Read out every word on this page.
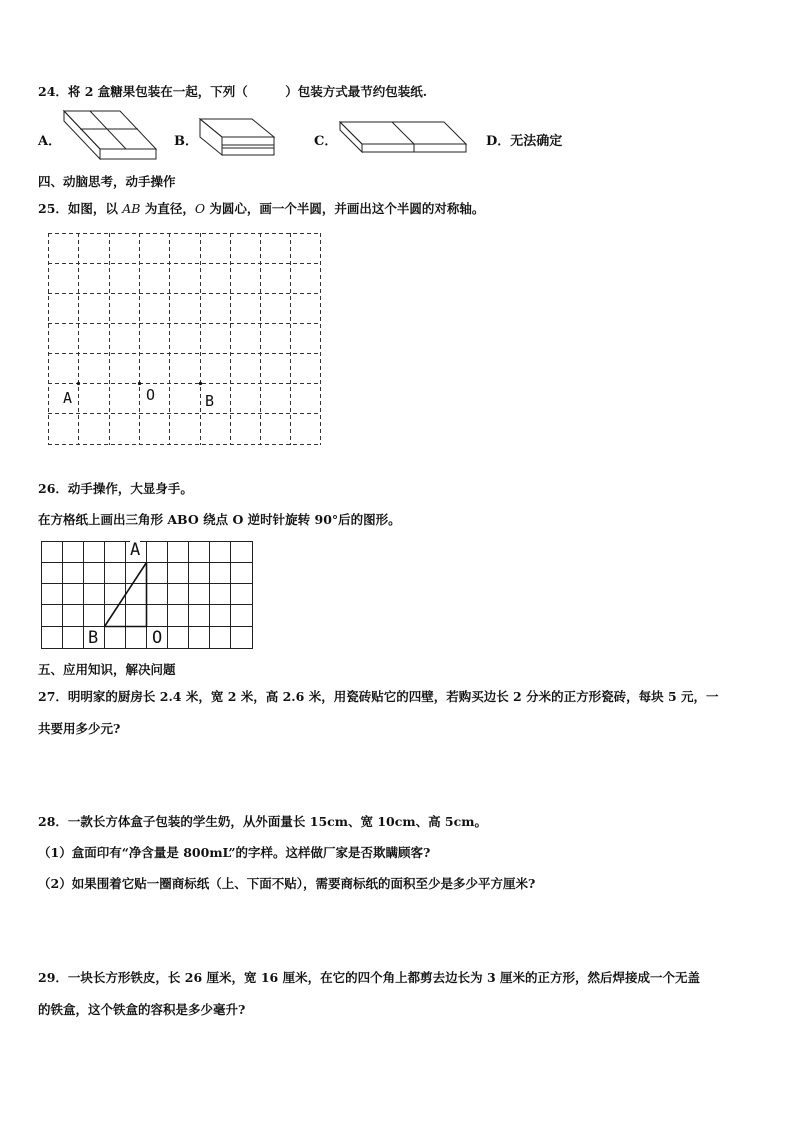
24．将 2 盒糖果包装在一起，下列（　　　）包装方式最节约包装纸.
A．	B．	C．	D．无法确定
四、动脑思考，动手操作
25．如图，以 AB 为直径，O 为圆心，画一个半圆，并画出这个半圆的对称轴。
A	O	B
26．动手操作，大显身手。
在方格纸上画出三角形 ABO 绕点 O 逆时针旋转 90°后的图形。
A
B	O
五、应用知识，解决问题
27．明明家的厨房长 2.4 米，宽 2 米，高 2.6 米，用瓷砖贴它的四壁，若购买边长 2 分米的正方形瓷砖，每块 5 元，一
共要用多少元?
28．一款长方体盒子包装的学生奶，从外面量长 15cm、宽 10cm、高 5cm。
（1）盒面印有“净含量是 800mL”的字样。这样做厂家是否欺瞒顾客?
（2）如果围着它贴一圈商标纸（上、下面不贴），需要商标纸的面积至少是多少平方厘米?
29．一块长方形铁皮，长 26 厘米，宽 16 厘米，在它的四个角上都剪去边长为 3 厘米的正方形，然后焊接成一个无盖
的铁盒，这个铁盒的容积是多少毫升?
